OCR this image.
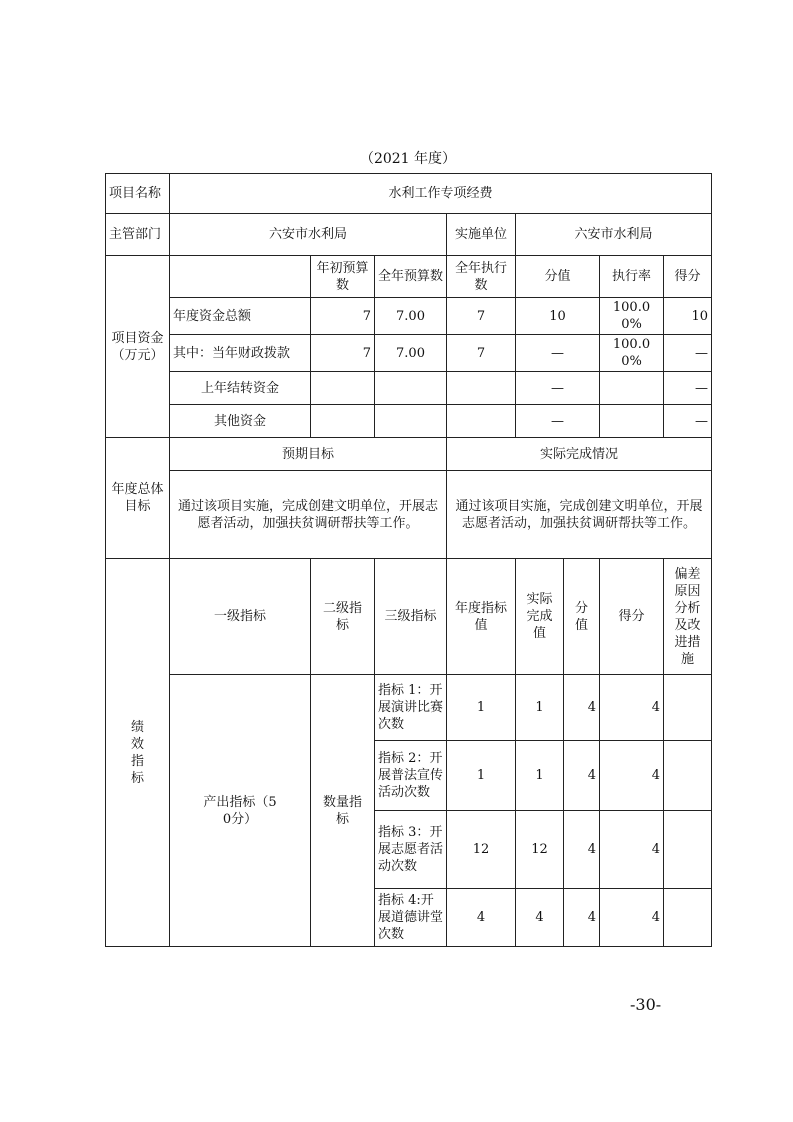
（2021 年度）
项目名称	水利工作专项经费							
主管部门	六安市水利局			实施单位	六安市水利局			
项目资金（万元）		年初预算数	全年预算数	全年执行数	分值		执行率	得分
	年度资金总额	7	7.00	7	10		100.00%	10
	其中：当年财政拨款	7	7.00	7	—		100.00%	—
	上年结转资金				—			—
	其他资金				—			—
年度总体目标	预期目标			实际完成情况				
	通过该项目实施，完成创建文明单位，开展志愿者活动，加强扶贫调研帮扶等工作。			通过该项目实施，完成创建文明单位，开展志愿者活动，加强扶贫调研帮扶等工作。				
绩效指标	一级指标	二级指标	三级指标	年度指标值	实际完成值	分值	得分	偏差原因分析及改进措施
	产出指标（50分）	数量指标	指标 1：开展演讲比赛次数	1	1	4	4	
			指标 2：开展普法宣传活动次数	1	1	4	4	
			指标 3：开展志愿者活动次数	12	12	4	4	
			指标 4:开展道德讲堂次数	4	4	4	4	
-30-
